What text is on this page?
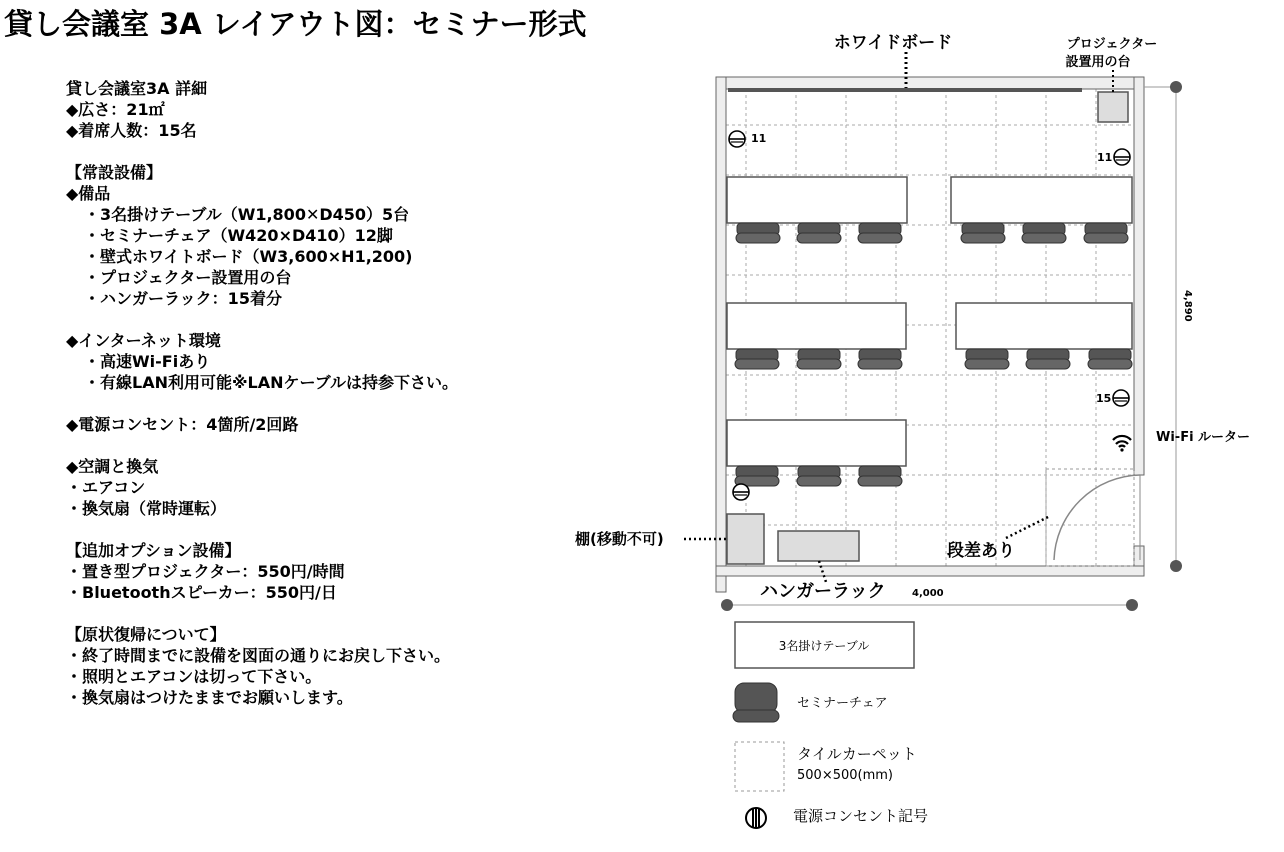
貸し会議室 3A レイアウト図：セミナー形式
貸し会議室3A 詳細
◆広さ：21㎡
◆着席人数：15名
【常設設備】
◆備品
・3名掛けテーブル（W1,800✕D450）5台
・セミナーチェア（W420×D410）12脚
・壁式ホワイトボード（W3,600×H1,200)
・プロジェクター設置用の台
・ハンガーラック：15着分
◆インターネット環境
・高速Wi-Fiあり
・有線LAN利用可能※LANケーブルは持参下さい。
◆電源コンセント：4箇所/2回路
◆空調と換気
・エアコン
・換気扇（常時運転）
【追加オプション設備】
・置き型プロジェクター：550円/時間
・Bluetoothスピーカー：550円/日
【原状復帰について】
・終了時間までに設備を図面の通りにお戻し下さい。
・照明とエアコンは切って下さい。
・換気扇はつけたままでお願いします。
ホワイドボード	プロジェクター
設置用の台
4,890
4,000
11
11
15
Wi-Fi ルーター
段差あり
棚(移動不可)
ハンガーラック
3名掛けテーブル
セミナーチェア
タイルカーペット
500×500(mm)
電源コンセント記号
